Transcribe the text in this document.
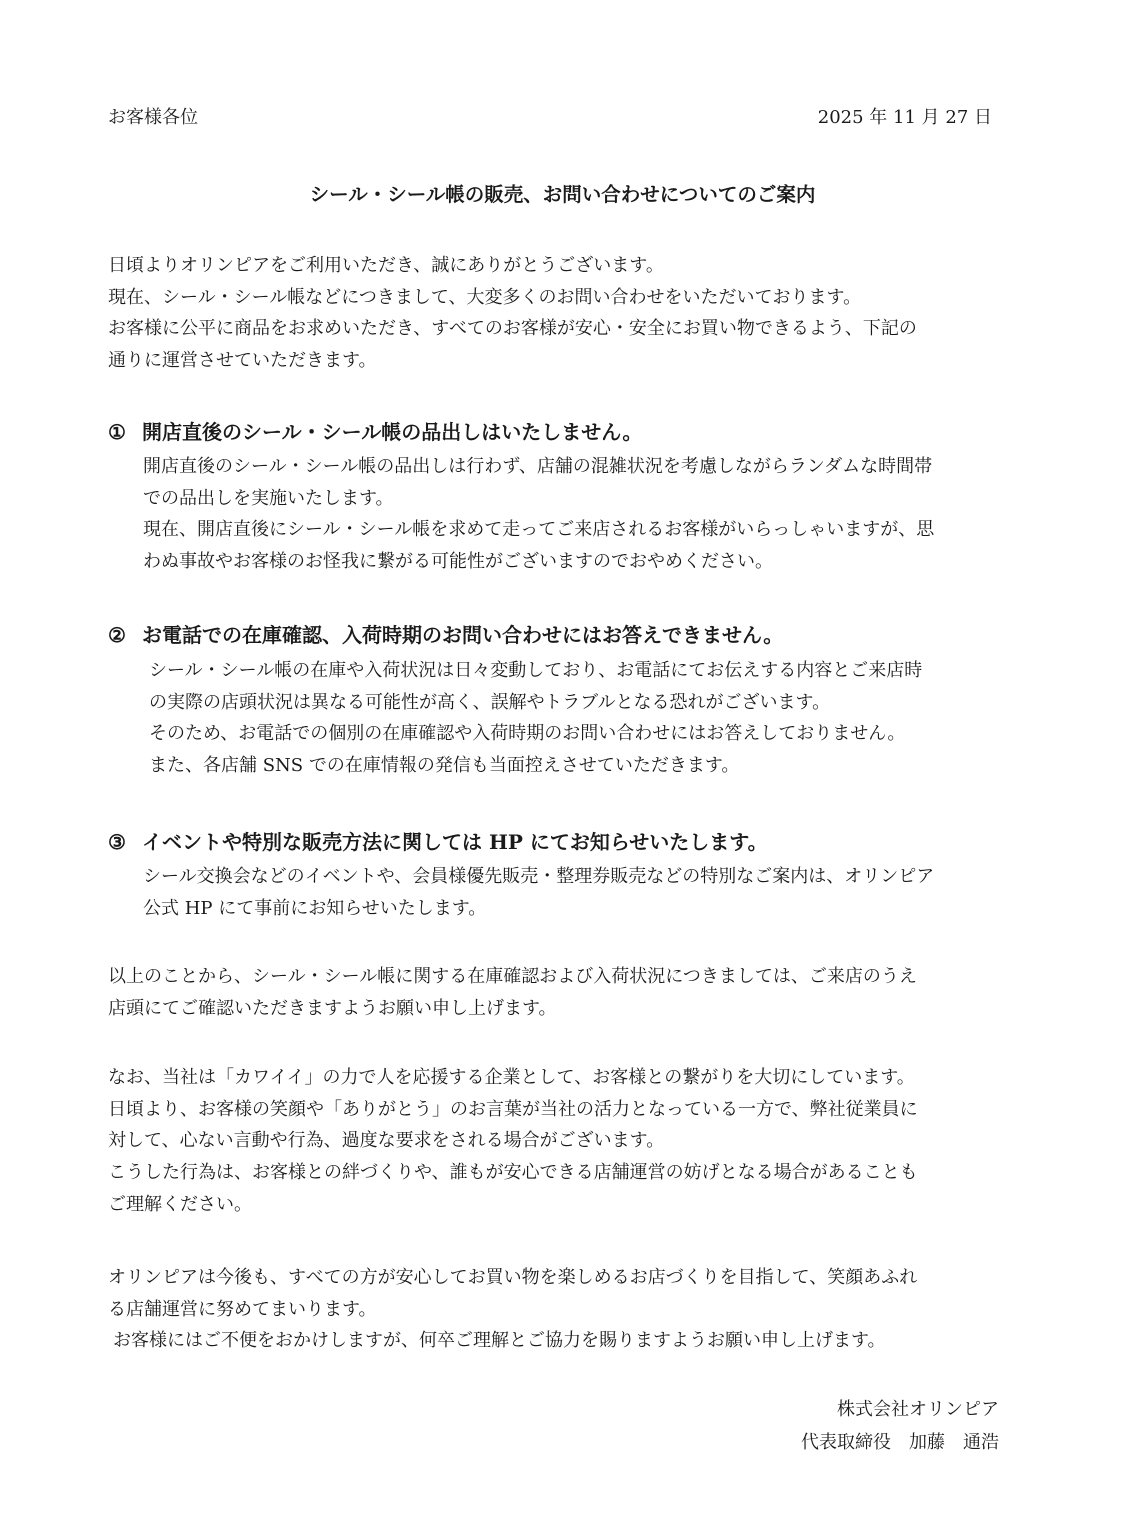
お客様各位	2025 年 11 月 27 日

シール・シール帳の販売、お問い合わせについてのご案内
日頃よりオリンピアをご利用いただき、誠にありがとうございます。
現在、シール・シール帳などにつきまして、大変多くのお問い合わせをいただいております。
お客様に公平に商品をお求めいただき、すべてのお客様が安心・安全にお買い物できるよう、下記の
通りに運営させていただきます。
① 開店直後のシール・シール帳の品出しはいたしません。
開店直後のシール・シール帳の品出しは行わず、店舗の混雑状況を考慮しながらランダムな時間帯
での品出しを実施いたします。
現在、開店直後にシール・シール帳を求めて走ってご来店されるお客様がいらっしゃいますが、思
わぬ事故やお客様のお怪我に繋がる可能性がございますのでおやめください。
② お電話での在庫確認、入荷時期のお問い合わせにはお答えできません。
シール・シール帳の在庫や入荷状況は日々変動しており、お電話にてお伝えする内容とご来店時
の実際の店頭状況は異なる可能性が高く、誤解やトラブルとなる恐れがございます。
そのため、お電話での個別の在庫確認や入荷時期のお問い合わせにはお答えしておりません。
また、各店舗 SNS での在庫情報の発信も当面控えさせていただきます。
③ イベントや特別な販売方法に関しては HP にてお知らせいたします。
シール交換会などのイベントや、会員様優先販売・整理券販売などの特別なご案内は、オリンピア
公式 HP にて事前にお知らせいたします。
以上のことから、シール・シール帳に関する在庫確認および入荷状況につきましては、ご来店のうえ
店頭にてご確認いただきますようお願い申し上げます。
なお、当社は「カワイイ」の力で人を応援する企業として、お客様との繋がりを大切にしています。
日頃より、お客様の笑顔や「ありがとう」のお言葉が当社の活力となっている一方で、弊社従業員に
対して、心ない言動や行為、過度な要求をされる場合がございます。
こうした行為は、お客様との絆づくりや、誰もが安心できる店舗運営の妨げとなる場合があることも
ご理解ください。
オリンピアは今後も、すべての方が安心してお買い物を楽しめるお店づくりを目指して、笑顔あふれ
る店舗運営に努めてまいります。
お客様にはご不便をおかけしますが、何卒ご理解とご協力を賜りますようお願い申し上げます。

株式会社オリンピア

代表取締役　加藤　通浩
